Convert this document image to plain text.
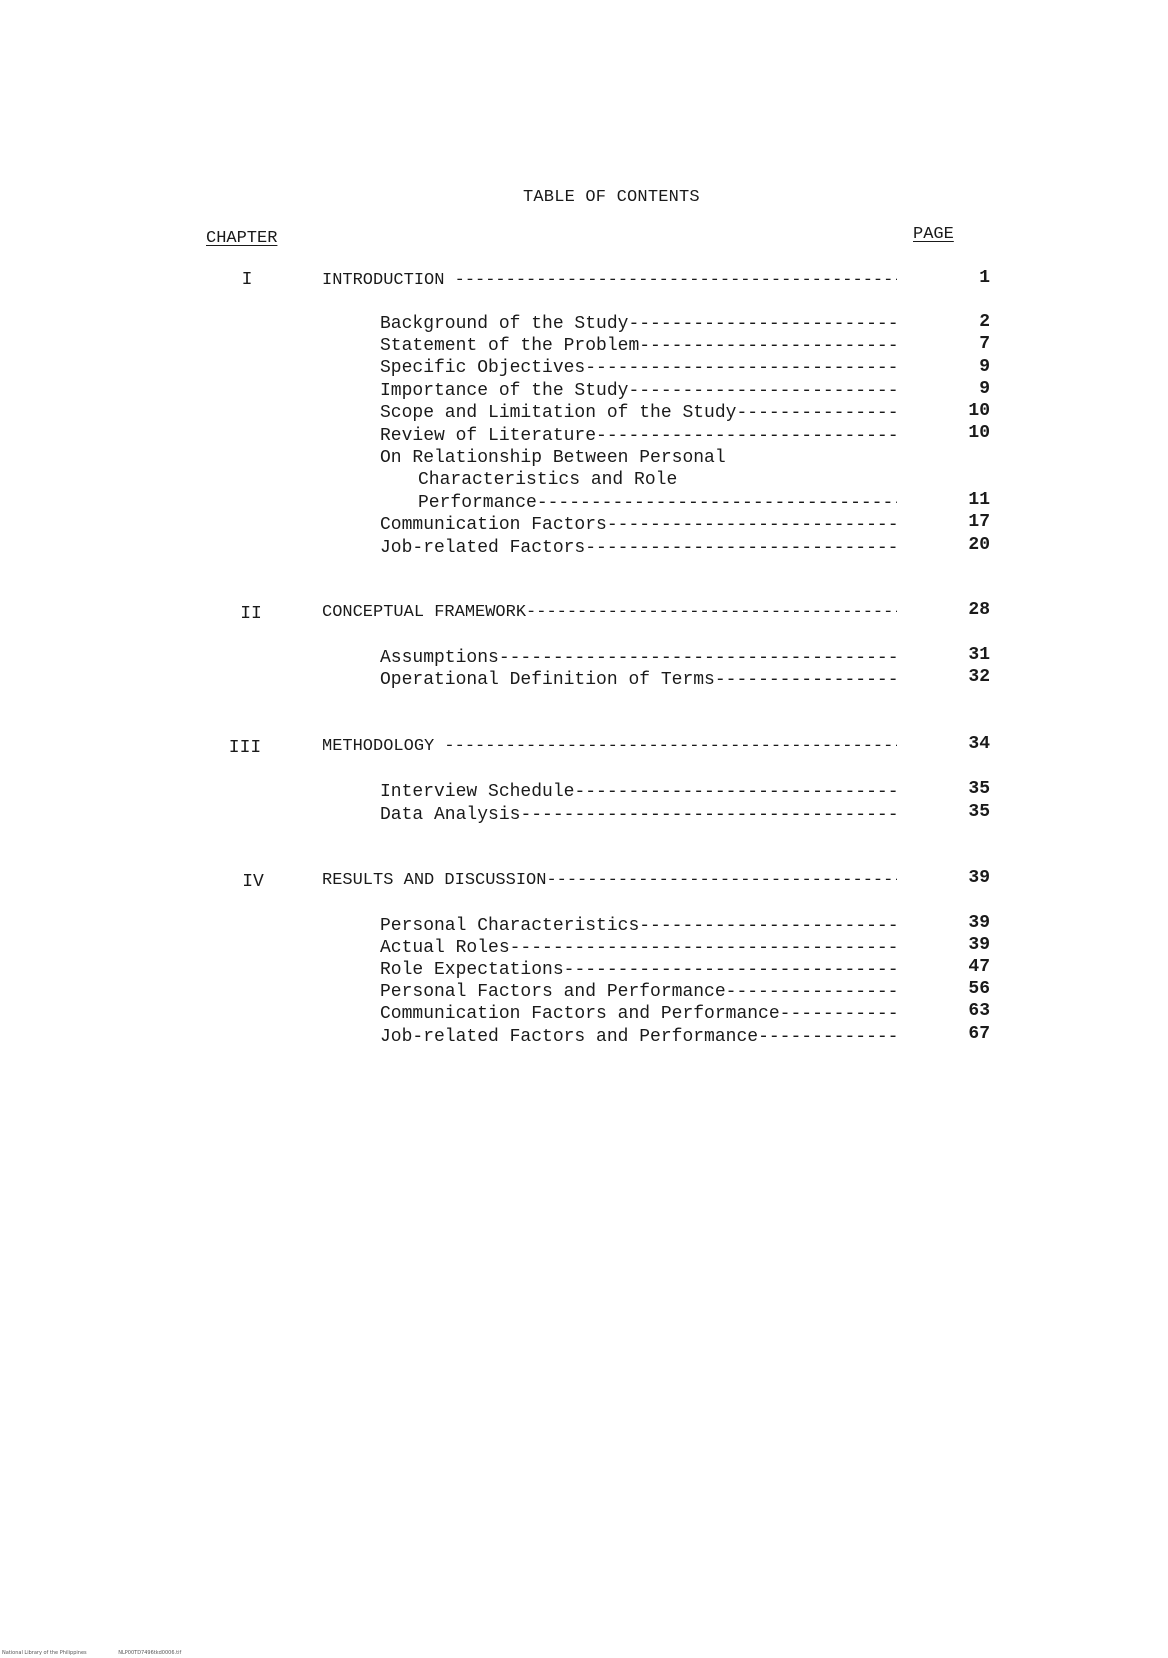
TABLE OF CONTENTS
CHAPTER	PAGE
I	INTRODUCTION -----	1
Background of the Study -----	2
Statement of the Problem -----	7
Specific Objectives -----	9
Importance of the Study -----	9
Scope and Limitation of the Study -----	10
Review of Literature -----	10
On Relationship Between Personal
Characteristics and Role
Performance -----	11
Communication Factors -----	17
Job-related Factors -----	20
II	CONCEPTUAL FRAMEWORK -----	28
Assumptions -----	31
Operational Definition of Terms -----	32
III	METHODOLOGY -----	34
Interview Schedule -----	35
Data Analysis -----	35
IV	RESULTS AND DISCUSSION -----	39
Personal Characteristics -----	39
Actual Roles -----	39
Role Expectations -----	47
Personal Factors and Performance -----	56
Communication Factors and Performance -----	63
Job-related Factors and Performance -----	67
National Library of the Philippines	NLP00TD7496tkd0006.tif
